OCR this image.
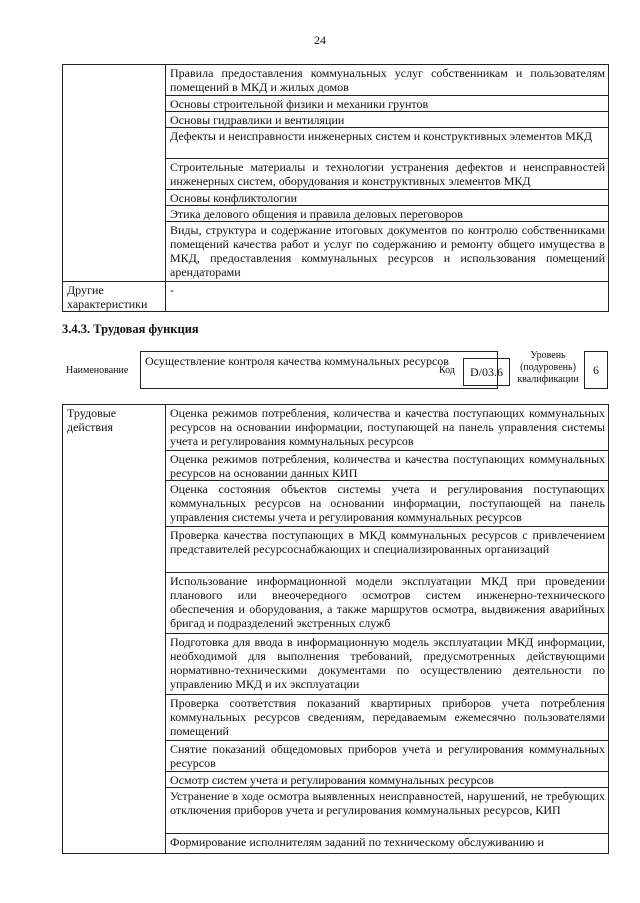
24
	Правила предоставления коммунальных услуг собственникам и пользователям помещений в МКД и жилых домов
	Основы строительной физики и механики грунтов
	Основы гидравлики и вентиляции
	Дефекты и неисправности инженерных систем и конструктивных элементов МКД
	Строительные материалы и технологии устранения дефектов и неисправностей инженерных систем, оборудования и конструктивных элементов МКД
	Основы конфликтологии
	Этика делового общения и правила деловых переговоров
	Виды, структура и содержание итоговых документов по контролю собственниками помещений качества работ и услуг по содержанию и ремонту общего имущества в МКД, предоставления коммунальных ресурсов и использования помещений арендаторами
Другие характеристики	-
3.4.3. Трудовая функция
Наименование
Осуществление контроля качества коммунальных ресурсов
Код	D/03.6
Уровень (подуровень) квалификации
6
Трудовые действия	Оценка режимов потребления, количества и качества поступающих коммунальных ресурсов на основании информации, поступающей на панель управления системы учета и регулирования коммунальных ресурсов
Оценка режимов потребления, количества и качества поступающих коммунальных ресурсов на основании данных КИП
Оценка состояния объектов системы учета и регулирования поступающих коммунальных ресурсов на основании информации, поступающей на панель управления системы учета и регулирования коммунальных ресурсов
Проверка качества поступающих в МКД коммунальных ресурсов с привлечением представителей ресурсоснабжающих и специализированных организаций
Использование информационной модели эксплуатации МКД при проведении планового или внеочередного осмотров систем инженерно-технического обеспечения и оборудования, а также маршрутов осмотра, выдвижения аварийных бригад и подразделений экстренных служб
Подготовка для ввода в информационную модель эксплуатации МКД информации, необходимой для выполнения требований, предусмотренных действующими нормативно-техническими документами по осуществлению деятельности по управлению МКД и их эксплуатации
Проверка соответствия показаний квартирных приборов учета потребления коммунальных ресурсов сведениям, передаваемым ежемесячно пользователями помещений
Снятие показаний общедомовых приборов учета и регулирования коммунальных ресурсов
Осмотр систем учета и регулирования коммунальных ресурсов
Устранение в ходе осмотра выявленных неисправностей, нарушений, не требующих отключения приборов учета и регулирования коммунальных ресурсов, КИП
Формирование исполнителям заданий по техническому обслуживанию и
